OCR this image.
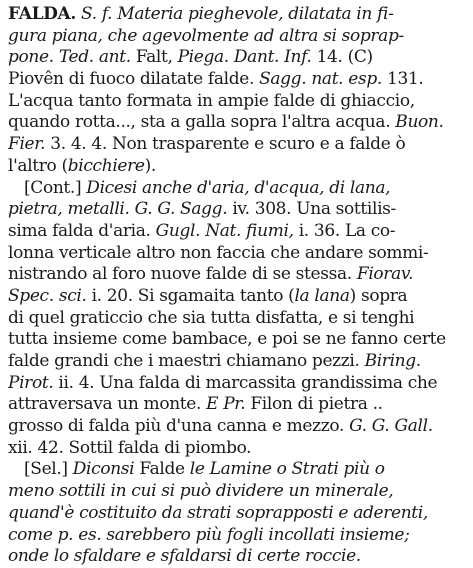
FALDA. S. f. Materia pieghevole, dilatata in fi-
gura piana, che agevolmente ad altra si soprap-
pone. Ted. ant. Falt, Piega. Dant. Inf. 14. (C)
Piovên di fuoco dilatate falde. Sagg. nat. esp. 131.
L'acqua tanto formata in ampie falde di ghiaccio,
quando rotta..., sta a galla sopra l'altra acqua. Buon.
Fier. 3. 4. 4. Non trasparente e scuro e a falde ò
l'altro (bicchiere).
[Cont.] Dicesi anche d'aria, d'acqua, di lana,
pietra, metalli. G. G. Sagg. iv. 308. Una sottilis-
sima falda d'aria. Gugl. Nat. fiumi, i. 36. La co-
lonna verticale altro non faccia che andare sommi-
nistrando al foro nuove falde di se stessa. Fiorav.
Spec. sci. i. 20. Si sgamaita tanto (la lana) sopra
di quel graticcio che sia tutta disfatta, e si tenghi
tutta insieme come bambace, e poi se ne fanno certe
falde grandi che i maestri chiamano pezzi. Biring.
Pirot. ii. 4. Una falda di marcassita grandissima che
attraversava un monte. E Pr. Filon di pietra ..
grosso di falda più d'una canna e mezzo. G. G. Gall.
xii. 42. Sottil falda di piombo.
[Sel.] Diconsi Falde le Lamine o Strati più o
meno sottili in cui si può dividere un minerale,
quand'è costituito da strati soprapposti e aderenti,
come p. es. sarebbero più fogli incollati insieme;
onde lo sfaldare e sfaldarsi di certe roccie.
